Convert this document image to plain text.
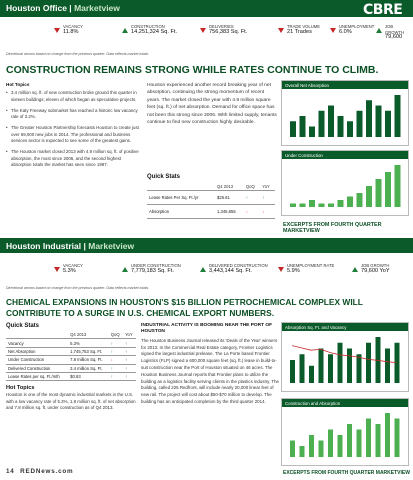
Houston Office | Marketview	CBRE
VACANCY
11.8%
CONSTRUCTION
14,251,324 Sq. Ft.
DELIVERIES
756,383 Sq. Ft.
TRADE VOLUME
21 Trades
UNEMPLOYMENT
6.0%
JOB GROWTH
79,600
Directional arrows based on change from the previous quarter. Data reflects market totals.
CONSTRUCTION REMAINS STRONG WHILE RATES CONTINUE TO CLIMB.
Hot Topics
• 3.4 million sq. ft. of new construction broke ground this quarter in sixteen buildings; eleven of which began as speculative projects.
• The Katy Freeway submarket has reached a historic low vacancy rate of 3.2%.
• The Greater Houston Partnership forecasts Houston to create just over 69,000 new jobs in 2014. The professional and business services sector is expected to see some of the greatest gains.
• The Houston market closed 2013 with 4.9 million sq. ft. of positive absorption, the most since 2006, and the second highest absorption totals the market has seen since 1997.
Houston experienced another record breaking year of net absorption, continuing the strong momentum of recent years. The market closed the year with 4.9 million square feet (sq. ft.) of net absorption. Demand for office space has not been this strong since 2006. With limited supply, tenants continue to find new construction highly desirable.
Quick Stats
	Q4 2013	QoQ	YoY
Lease Rates Per Sq. Ft./yr	$26.61	↑	↑
Absorption	1,345,855	↓	↓
Overall Net Absorption
Under Construction
EXCERPTS FROM FOURTH QUARTER MARKETVIEW
Houston Industrial | Marketview
VACANCY
5.3%
UNDER CONSTRUCTION
7,779,183 Sq. Ft.
DELIVERED CONSTRUCTION
3,443,144 Sq. Ft.
UNEMPLOYMENT RATE
5.9%
JOB GROWTH
79,600 YoY
Directional arrows based on change from the previous quarter. Data reflects market totals.
CHEMICAL EXPANSIONS IN HOUSTON'S $15 BILLION PETROCHEMICAL COMPLEX WILL CONTRIBUTE TO A SURGE IN U.S. CHEMICAL EXPORT NUMBERS.
Quick Stats
	Q4 2013	QoQ	YoY
Vacancy	5.3%	↑	↑
Net Absorption	1,745,753 Sq. Ft.	↑	↑
Under Construction	7.8 million Sq. Ft.	↓	↑
Delivered Construction	3.4 million Sq. Ft.	↑	↑
Lease Rates per sq. Ft./mth	$0.63	↑	↑
Hot Topics
Houston is one of the most dynamic industrial markets in the U.S. with a low vacancy rate of 5.3%, 1.8 million sq. ft. of net absorption and 7.8 million sq. ft. under construction as of Q4 2013.
INDUSTRIAL ACTIVITY IS BOOMING NEAR THE PORT OF HOUSTON
The Houston Business Journal released its 'Deals of the Year' winners for 2013. In the Commercial Real Estate category, Frontier Logistics signed the largest industrial prelease. The La Porte based Frontier Logistics (FLP) signed a 600,000 square feet (sq. ft.) lease in build-to-suit construction near the Port of Houston situated on 46 acres. The Houston Business Journal reports that Frontier plans to utilize the building as a logistics facility serving clients in the plastics industry. The building, called 225 Redfront, will include nearly 20,000 linear feet of new rail. The project will cost about $50-$70 million to develop. The building has an anticipated completion by the third quarter 2014.
Absorption Sq. Ft. and Vacancy
Construction and Absorption
EXCERPTS FROM FOURTH QUARTER MARKETVIEW
14 REDNews.com
